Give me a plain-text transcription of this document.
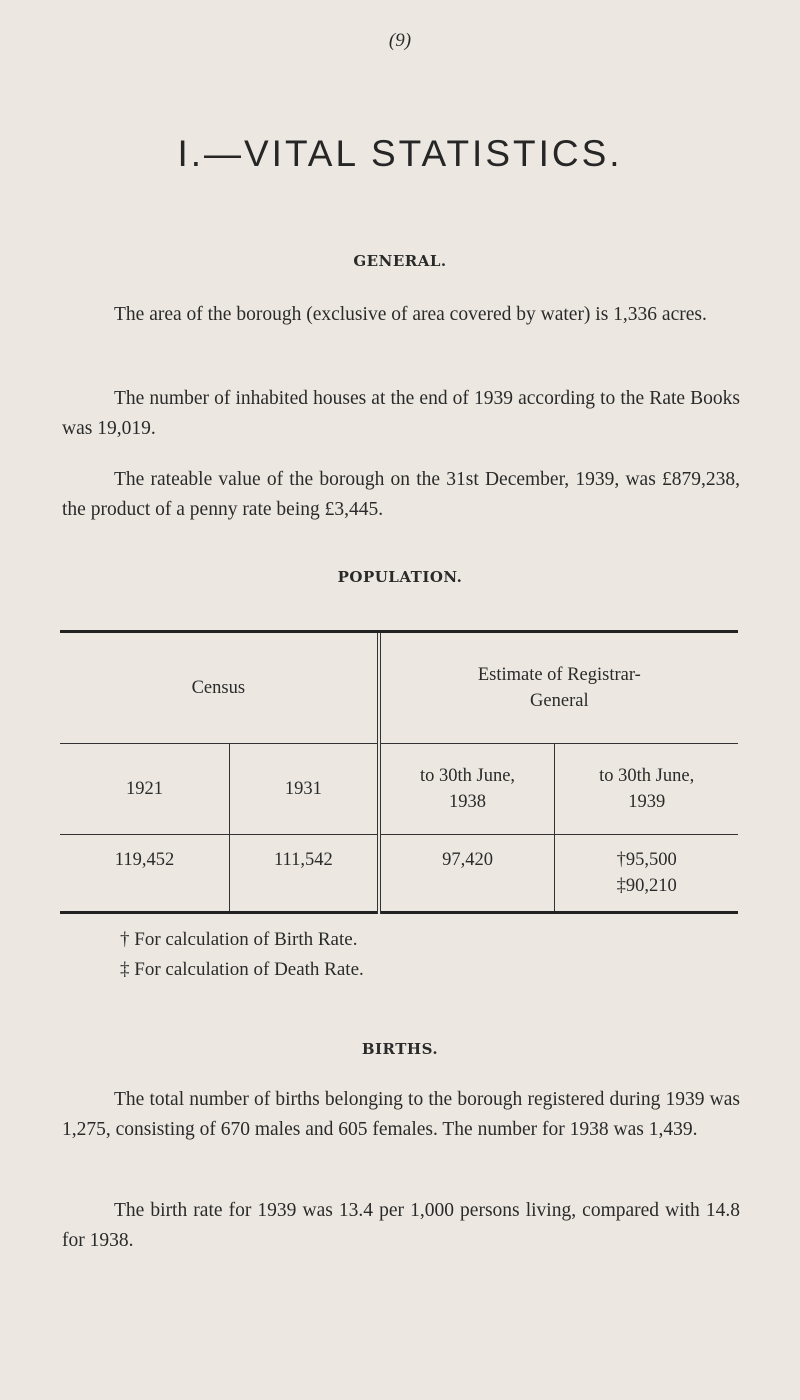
(9)
I.—VITAL STATISTICS.
GENERAL.

The area of the borough (exclusive of area covered by water) is 1,336 acres.

The number of inhabited houses at the end of 1939 according to the Rate Books was 19,019.

The rateable value of the borough on the 31st December, 1939, was £879,238, the product of a penny rate being £3,445.

POPULATION.

Census		Estimate of Registrar-General	
1921	1931	to 30th June, 1938	to 30th June, 1939
119,452	111,542	97,420	†95,500
‡90,210
† For calculation of Birth Rate.
‡ For calculation of Death Rate.
BIRTHS.

The total number of births belonging to the borough registered during 1939 was 1,275, consisting of 670 males and 605 females. The number for 1938 was 1,439.

The birth rate for 1939 was 13.4 per 1,000 persons living, compared with 14.8 for 1938.
